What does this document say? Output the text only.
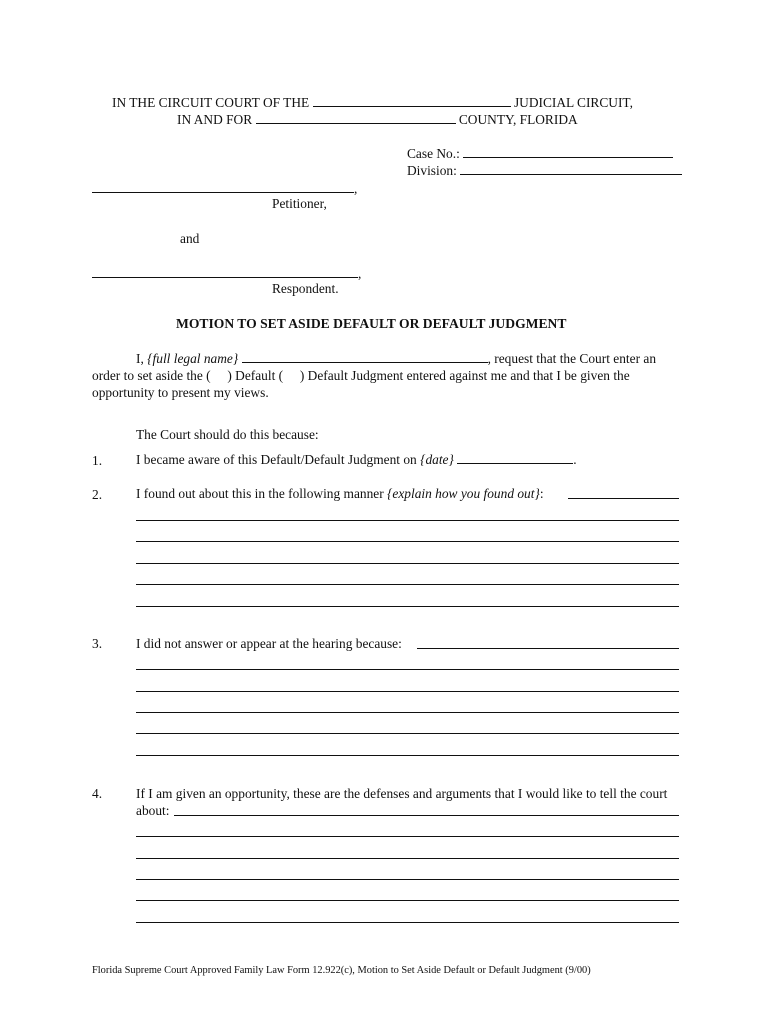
IN THE CIRCUIT COURT OF THE	JUDICIAL CIRCUIT,
IN AND FOR	COUNTY, FLORIDA
Case No.:
Division:
,
Petitioner,
and
,
Respondent.
MOTION TO SET ASIDE DEFAULT OR DEFAULT JUDGMENT
I, {full legal name}	, request that the Court enter an
order to set aside the (     ) Default (     ) Default Judgment entered against me and that I be given the
opportunity to present my views.
The Court should do this because:
1.	I became aware of this Default/Default Judgment on {date}	.
2.	I found out about this in the following manner {explain how you found out}:
3.	I did not answer or appear at the hearing because:
4.	If I am given an opportunity, these are the defenses and arguments that I would like to tell the court
about:
Florida Supreme Court Approved Family Law Form 12.922(c), Motion to Set Aside Default or Default Judgment (9/00)
